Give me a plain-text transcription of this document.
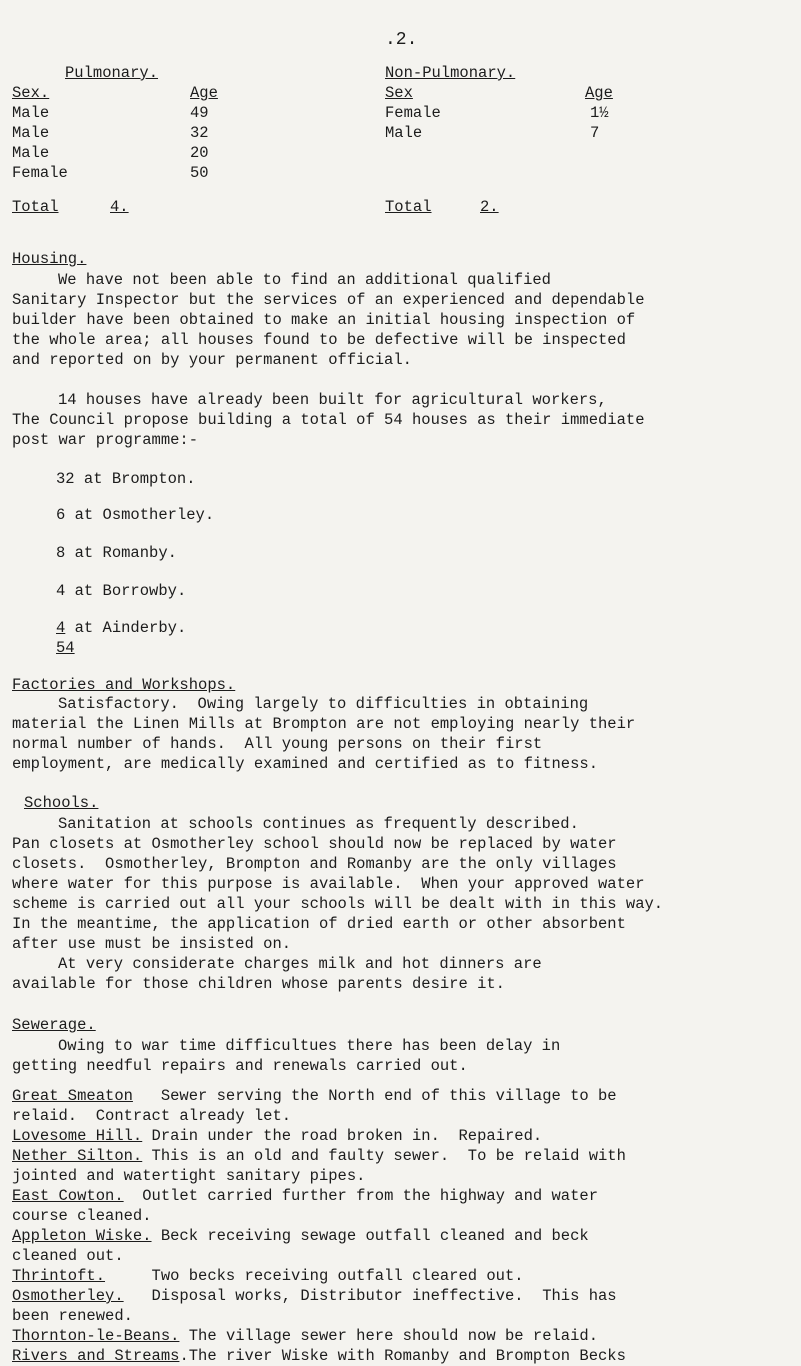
.2.
Pulmonary.
Sex.	Age
Male	49
Male	32
Male	20
Female	50
Total	4.
Non-Pulmonary.
Sex	Age
Female	1½
Male	7
Total	2.
Housing.
We have not been able to find an additional qualified
Sanitary Inspector but the services of an experienced and dependable
builder have been obtained to make an initial housing inspection of
the whole area; all houses found to be defective will be inspected
and reported on by your permanent official.
14 houses have already been built for agricultural workers,
The Council propose building a total of 54 houses as their immediate
post war programme:-
32 at Brompton.
6 at Osmotherley.
8 at Romanby.
4 at Borrowby.
4 at Ainderby.
54
Factories and Workshops.
Satisfactory.  Owing largely to difficulties in obtaining
material the Linen Mills at Brompton are not employing nearly their
normal number of hands.  All young persons on their first
employment, are medically examined and certified as to fitness.
Schools.
Sanitation at schools continues as frequently described.
Pan closets at Osmotherley school should now be replaced by water
closets.  Osmotherley, Brompton and Romanby are the only villages
where water for this purpose is available.  When your approved water
scheme is carried out all your schools will be dealt with in this way.
In the meantime, the application of dried earth or other absorbent
after use must be insisted on.
At very considerate charges milk and hot dinners are
available for those children whose parents desire it.
Sewerage.
Owing to war time difficultues there has been delay in
getting needful repairs and renewals carried out.
Great Smeaton   Sewer serving the North end of this village to be
relaid.  Contract already let.
Lovesome Hill. Drain under the road broken in.  Repaired.
Nether Silton. This is an old and faulty sewer.  To be relaid with
jointed and watertight sanitary pipes.
East Cowton.  Outlet carried further from the highway and water
course cleaned.
Appleton Wiske. Beck receiving sewage outfall cleaned and beck
cleaned out.
Thrintoft.     Two becks receiving outfall cleared out.
Osmotherley.   Disposal works, Distributor ineffective.  This has
been renewed.
Thornton-le-Beans. The village sewer here should now be relaid.
Rivers and Streams.The river Wiske with Romanby and Brompton Becks
